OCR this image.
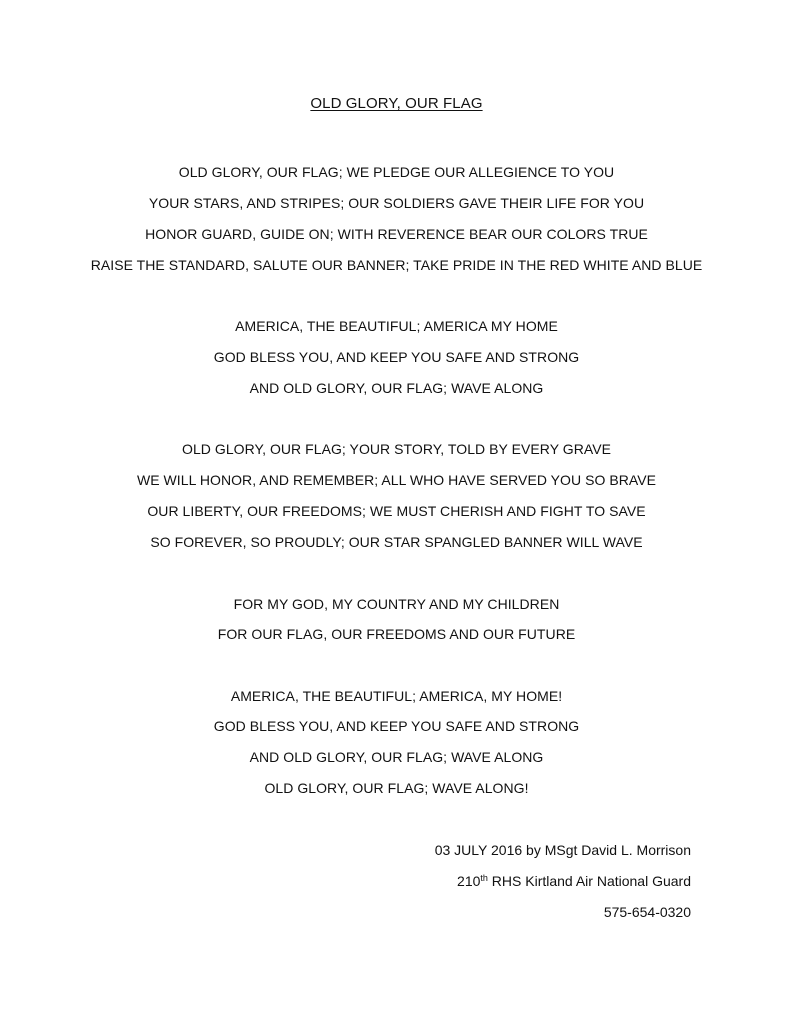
OLD GLORY, OUR FLAG
OLD GLORY, OUR FLAG; WE PLEDGE OUR ALLEGIENCE TO YOU
YOUR STARS, AND STRIPES; OUR SOLDIERS GAVE THEIR LIFE FOR YOU
HONOR GUARD, GUIDE ON; WITH REVERENCE BEAR OUR COLORS TRUE
RAISE THE STANDARD, SALUTE OUR BANNER; TAKE PRIDE IN THE RED WHITE AND BLUE
AMERICA, THE BEAUTIFUL; AMERICA MY HOME
GOD BLESS YOU, AND KEEP YOU SAFE AND STRONG
AND OLD GLORY, OUR FLAG; WAVE ALONG
OLD GLORY, OUR FLAG; YOUR STORY, TOLD BY EVERY GRAVE
WE WILL HONOR, AND REMEMBER; ALL WHO HAVE SERVED YOU SO BRAVE
OUR LIBERTY, OUR FREEDOMS; WE MUST CHERISH AND FIGHT TO SAVE
SO FOREVER, SO PROUDLY; OUR STAR SPANGLED BANNER WILL WAVE
FOR MY GOD, MY COUNTRY AND MY CHILDREN
FOR OUR FLAG, OUR FREEDOMS AND OUR FUTURE
AMERICA, THE BEAUTIFUL; AMERICA, MY HOME!
GOD BLESS YOU, AND KEEP YOU SAFE AND STRONG
AND OLD GLORY, OUR FLAG; WAVE ALONG
OLD GLORY, OUR FLAG; WAVE ALONG!
03 JULY 2016 by MSgt David L. Morrison
210th RHS Kirtland Air National Guard
575-654-0320
